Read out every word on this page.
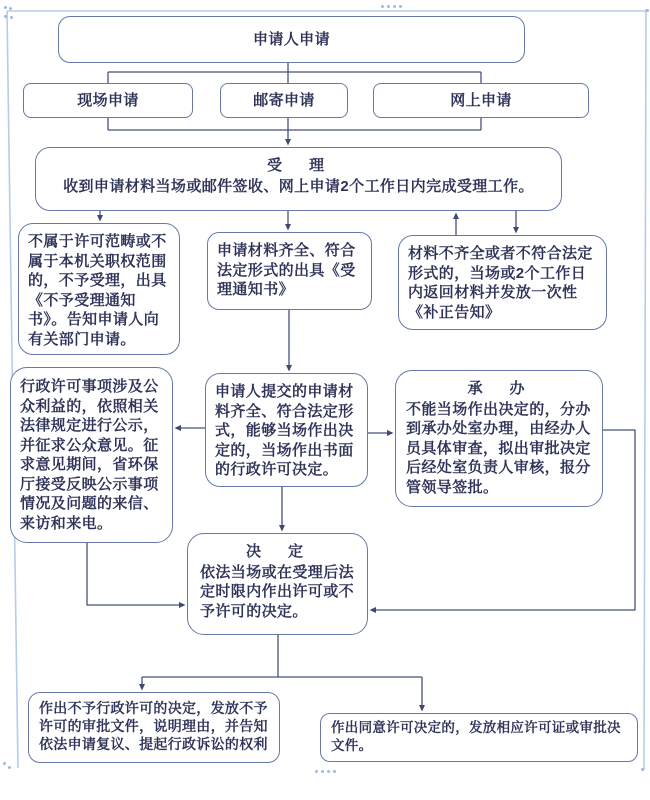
申请人申请
现场申请	邮寄申请	网上申请
受　理
收到申请材料当场或邮件签收、网上申请2个工作日内完成受理工作。
不属于许可范畴或不属于本机关职权范围的，不予受理，出具《不予受理通知书》。告知申请人向有关部门申请。
申请材料齐全、符合法定形式的出具《受理通知书》
材料不齐全或者不符合法定形式的，当场或2个工作日内返回材料并发放一次性《补正告知》
行政许可事项涉及公众利益的，依照相关法律规定进行公示，并征求公众意见。征求意见期间，省环保厅接受反映公示事项情况及问题的来信、来访和来电。
申请人提交的申请材料齐全、符合法定形式，能够当场作出决定的，当场作出书面的行政许可决定。
承　办
不能当场作出决定的，分办到承办处室办理，由经办人员具体审查，拟出审批决定后经处室负责人审核，报分管领导签批。
决　定
依法当场或在受理后法定时限内作出许可或不予许可的决定。
作出不予行政许可的决定，发放不予许可的审批文件，说明理由，并告知依法申请复议、提起行政诉讼的权利
作出同意许可决定的，发放相应许可证或审批决文件。
